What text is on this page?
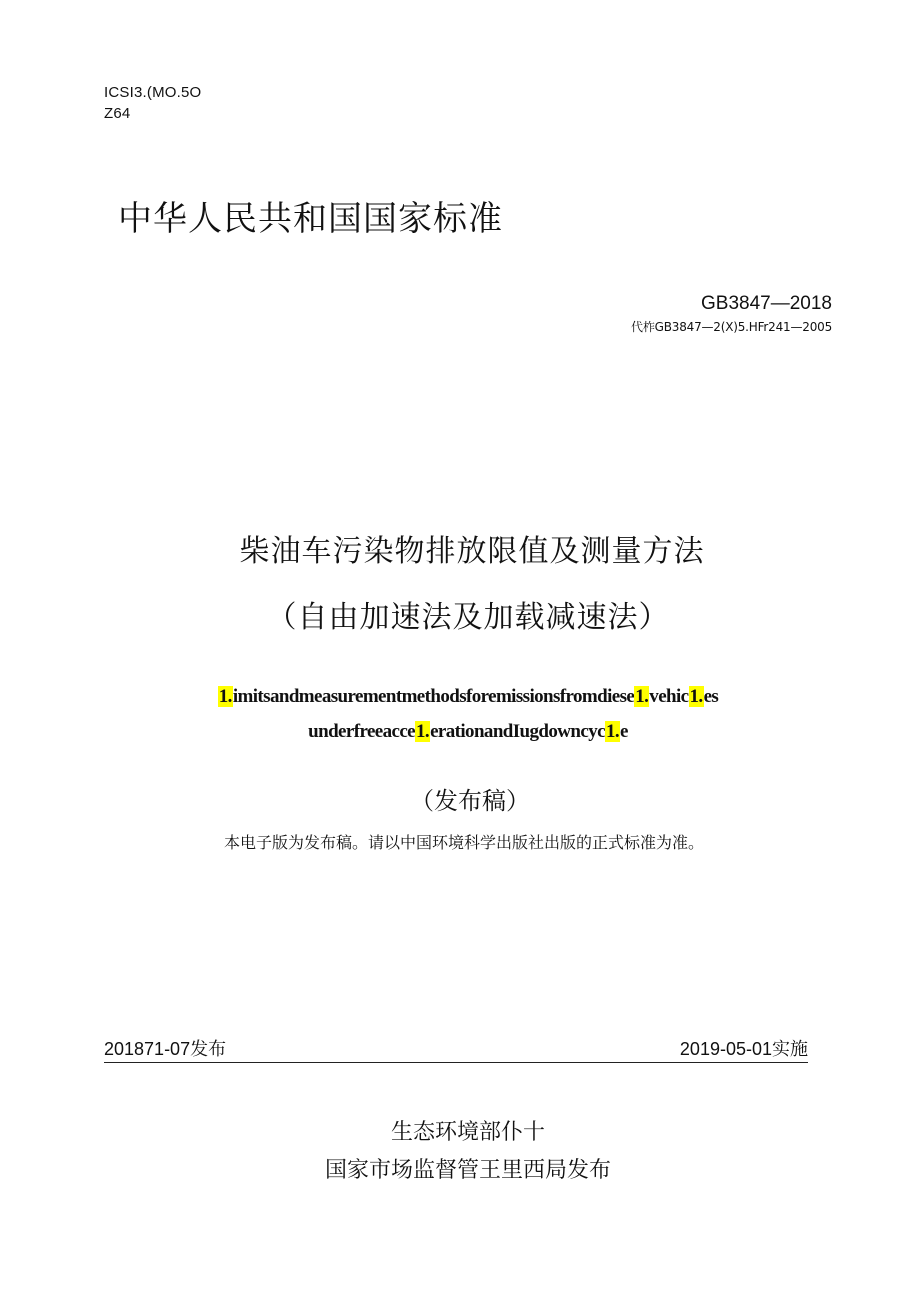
ICSI3.(MO.5O
Z64
中华人民共和国国家标准
GB3847—2018
代柞GB3847—2(X)5.HFr241—2005
柴油车污染物排放限值及测量方法
（自由加速法及加载减速法）
1.imitsandmeasurementmethodsforemissionsfromdiese1.vehic1.es
underfreeacce1.erationandIugdowncyc1.e
（发布稿）
本电子版为发布稿。请以中国环境科学出版社出版的正式标准为准。
201871-07发布	2019-05-01实施
生态环境部仆十
国家市场监督管王里西局发布
